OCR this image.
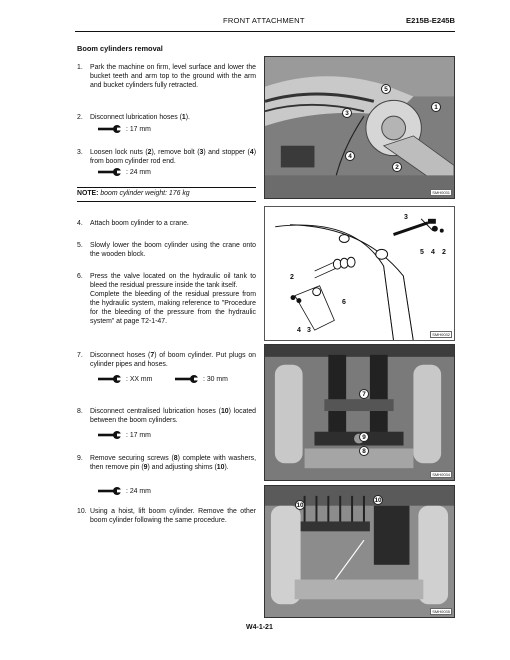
FRONT ATTACHMENT	E215B-E245B
Boom cylinders removal
1.	Park the machine on firm, level surface and lower the bucket teeth and arm top to the ground with the arm and bucket cylinders fully retracted.
2.	Disconnect lubrication hoses (1).
: 17 mm
3.	Loosen lock nuts (2), remove bolt (3) and stopper (4) from boom cylinder rod end.
: 24 mm
NOTE: boom cylinder weight: 176 kg
4.	Attach boom cylinder to a crane.
5.	Slowly lower the boom cylinder using the crane onto the wooden block.
6.	Press the valve located on the hydraulic oil tank to bleed the residual pressure inside the tank itself.
Complete the bleeding of the residual pressure from the hydraulic system, making reference to "Procedure for the bleeding of the pressure from the hydraulic system" at page T2-1-47.
7.	Disconnect hoses (7) of boom cylinder. Put plugs on cylinder pipes and hoses.
: XX mm	: 30 mm
8.	Disconnect centralised lubrication hoses (10) located between the boom cylinders.
: 17 mm
9.	Remove securing screws (8) complete with washers, then remove pin (9) and adjusting shims (10).
: 24 mm
10. Using a hoist, lift boom cylinder. Remove the other boom cylinder following the same procedure.
5
1
3
4
2
SMH0031
3
5 4 2
2
6
4 3
SMH0032
7
9
8
SMH0034
10
10
SMH0035
W4-1-21
